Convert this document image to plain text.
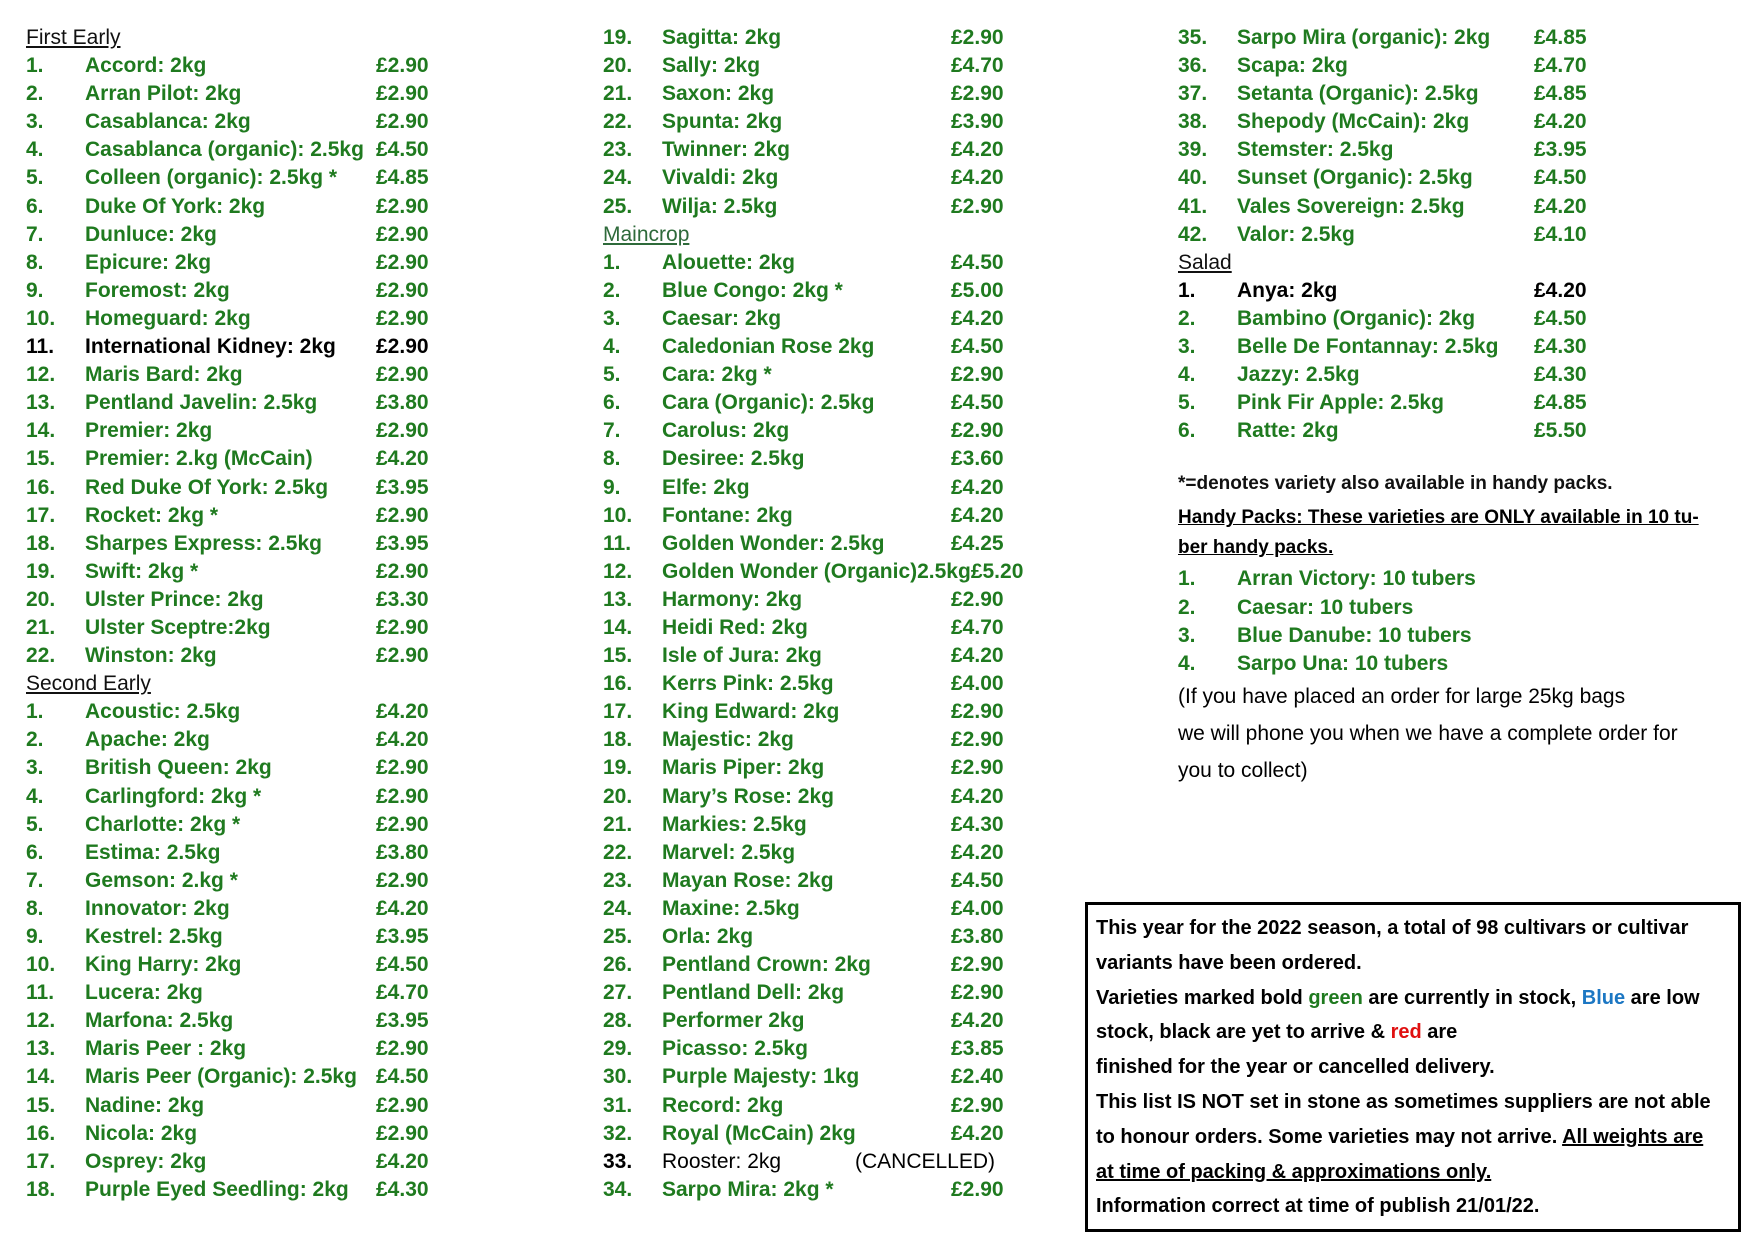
First Early
1. Accord: 2kg	£2.90
2. Arran Pilot: 2kg	£2.90
3. Casablanca: 2kg	£2.90
4. Casablanca (organic): 2.5kg £4.50
5. Colleen (organic): 2.5kg * £4.85
6. Duke Of York: 2kg	£2.90
7. Dunluce: 2kg	£2.90
8. Epicure: 2kg	£2.90
9. Foremost: 2kg	£2.90
10. Homeguard: 2kg	£2.90
11. International Kidney: 2kg £2.90
12. Maris Bard: 2kg	£2.90
13. Pentland Javelin: 2.5kg	£3.80
14. Premier: 2kg	£2.90
15. Premier: 2.kg (McCain)	£4.20
16. Red Duke Of York: 2.5kg £3.95
17. Rocket: 2kg *	£2.90
18. Sharpes Express: 2.5kg	£3.95
19. Swift: 2kg *	£2.90
20. Ulster Prince: 2kg	£3.30
21. Ulster Sceptre:2kg	£2.90
22. Winston: 2kg	£2.90
Second Early
1. Acoustic: 2.5kg	£4.20
2. Apache: 2kg	£4.20
3. British Queen: 2kg	£2.90
4. Carlingford: 2kg *	£2.90
5. Charlotte: 2kg *	£2.90
6. Estima: 2.5kg	£3.80
7. Gemson: 2.kg *	£2.90
8. Innovator: 2kg	£4.20
9. Kestrel: 2.5kg	£3.95
10. King Harry: 2kg	£4.50
11. Lucera: 2kg	£4.70
12. Marfona: 2.5kg	£3.95
13. Maris Peer : 2kg	£2.90
14. Maris Peer (Organic): 2.5kg £4.50
15. Nadine: 2kg	£2.90
16. Nicola: 2kg	£2.90
17. Osprey: 2kg	£4.20
18. Purple Eyed Seedling: 2kg £4.30
19. Sagitta: 2kg	£2.90
20. Sally: 2kg	£4.70
21. Saxon: 2kg	£2.90
22. Spunta: 2kg	£3.90
23. Twinner: 2kg	£4.20
24. Vivaldi: 2kg	£4.20
25. Wilja: 2.5kg	£2.90
Maincrop
1. Alouette: 2kg	£4.50
2. Blue Congo: 2kg *	£5.00
3. Caesar: 2kg	£4.20
4. Caledonian Rose 2kg	£4.50
5. Cara: 2kg *	£2.90
6. Cara (Organic): 2.5kg	£4.50
7. Carolus: 2kg	£2.90
8. Desiree: 2.5kg	£3.60
9. Elfe: 2kg	£4.20
10. Fontane: 2kg	£4.20
11. Golden Wonder: 2.5kg	£4.25
12. Golden Wonder (Organic)2.5kg£5.20
13. Harmony: 2kg	£2.90
14. Heidi Red: 2kg	£4.70
15. Isle of Jura: 2kg	£4.20
16. Kerrs Pink: 2.5kg	£4.00
17. King Edward: 2kg	£2.90
18. Majestic: 2kg	£2.90
19. Maris Piper: 2kg	£2.90
20. Mary’s Rose: 2kg	£4.20
21. Markies: 2.5kg	£4.30
22. Marvel: 2.5kg	£4.20
23. Mayan Rose: 2kg	£4.50
24. Maxine: 2.5kg	£4.00
25. Orla: 2kg	£3.80
26. Pentland Crown: 2kg	£2.90
27. Pentland Dell: 2kg	£2.90
28. Performer 2kg	£4.20
29. Picasso: 2.5kg	£3.85
30. Purple Majesty: 1kg	£2.40
31. Record: 2kg	£2.90
32. Royal (McCain) 2kg	£4.20
33. Rooster: 2kg	(CANCELLED)
34. Sarpo Mira: 2kg *	£2.90
35. Sarpo Mira (organic): 2kg £4.85
36. Scapa: 2kg	£4.70
37. Setanta (Organic): 2.5kg	£4.85
38. Shepody (McCain): 2kg	£4.20
39. Stemster: 2.5kg	£3.95
40. Sunset (Organic): 2.5kg	£4.50
41. Vales Sovereign: 2.5kg	£4.20
42. Valor: 2.5kg	£4.10
Salad
1. Anya: 2kg	£4.20
2. Bambino (Organic): 2kg	£4.50
3. Belle De Fontannay: 2.5kg £4.30
4. Jazzy: 2.5kg	£4.30
5. Pink Fir Apple: 2.5kg	£4.85
6. Ratte: 2kg	£5.50
*=denotes variety also available in handy packs.
Handy Packs: These varieties are ONLY available in 10 tu-
ber handy packs.
1. Arran Victory: 10 tubers
2. Caesar: 10 tubers
3. Blue Danube: 10 tubers
4. Sarpo Una: 10 tubers
(If you have placed an order for large 25kg bags
we will phone you when we have a complete order for
you to collect)
This year for the 2022 season, a total of 98 cultivars or cultivar
variants have been ordered.
Varieties marked bold green are currently in stock, Blue are low
stock, black are yet to arrive & red are
finished for the year or cancelled delivery.
This list IS NOT set in stone as sometimes suppliers are not able
to honour orders. Some varieties may not arrive. All weights are
at time of packing & approximations only.
Information correct at time of publish 21/01/22.
